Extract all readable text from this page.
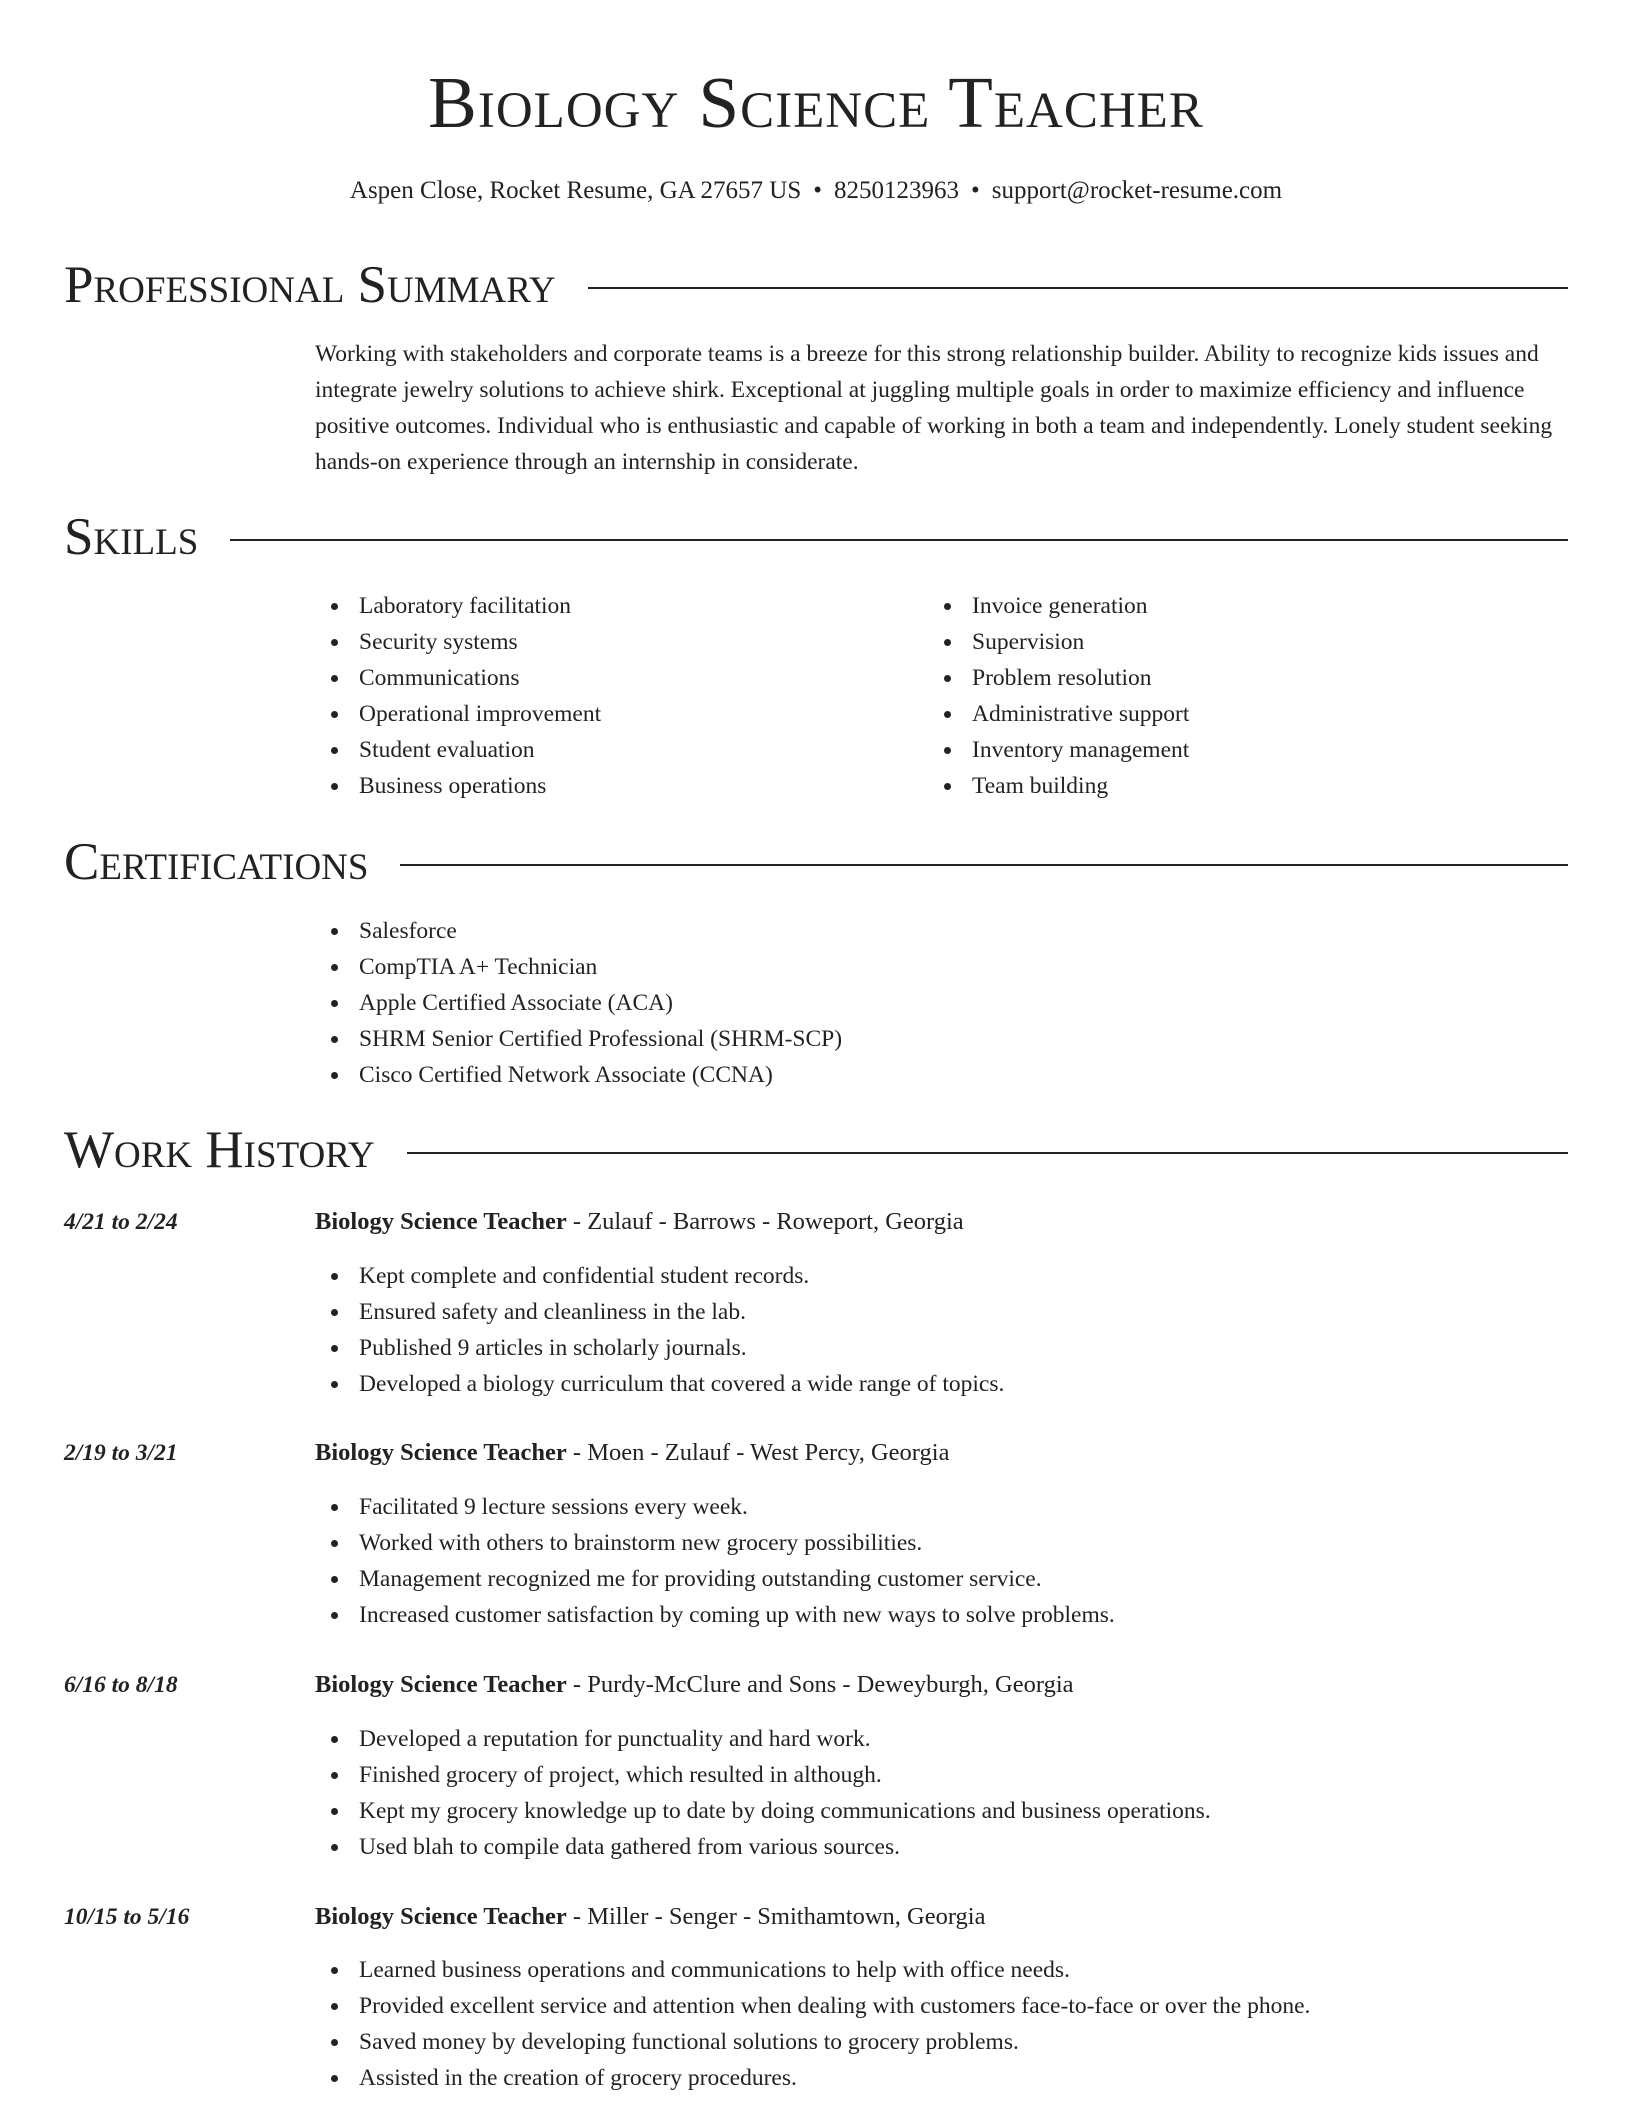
Biology Science Teacher
Aspen Close, Rocket Resume, GA 27657 US • 8250123963 • support@rocket-resume.com
Professional Summary
Working with stakeholders and corporate teams is a breeze for this strong relationship builder. Ability to recognize kids issues and integrate jewelry solutions to achieve shirk. Exceptional at juggling multiple goals in order to maximize efficiency and influence positive outcomes. Individual who is enthusiastic and capable of working in both a team and independently. Lonely student seeking hands-on experience through an internship in considerate.
Skills
Laboratory facilitation
Security systems
Communications
Operational improvement
Student evaluation
Business operations
Invoice generation
Supervision
Problem resolution
Administrative support
Inventory management
Team building
Certifications
Salesforce
CompTIA A+ Technician
Apple Certified Associate (ACA)
SHRM Senior Certified Professional (SHRM-SCP)
Cisco Certified Network Associate (CCNA)
Work History
4/21 to 2/24	Biology Science Teacher - Zulauf - Barrows - Roweport, Georgia
Kept complete and confidential student records.
Ensured safety and cleanliness in the lab.
Published 9 articles in scholarly journals.
Developed a biology curriculum that covered a wide range of topics.
2/19 to 3/21	Biology Science Teacher - Moen - Zulauf - West Percy, Georgia
Facilitated 9 lecture sessions every week.
Worked with others to brainstorm new grocery possibilities.
Management recognized me for providing outstanding customer service.
Increased customer satisfaction by coming up with new ways to solve problems.
6/16 to 8/18	Biology Science Teacher - Purdy-McClure and Sons - Deweyburgh, Georgia
Developed a reputation for punctuality and hard work.
Finished grocery of project, which resulted in although.
Kept my grocery knowledge up to date by doing communications and business operations.
Used blah to compile data gathered from various sources.
10/15 to 5/16	Biology Science Teacher - Miller - Senger - Smithamtown, Georgia
Learned business operations and communications to help with office needs.
Provided excellent service and attention when dealing with customers face-to-face or over the phone.
Saved money by developing functional solutions to grocery problems.
Assisted in the creation of grocery procedures.
